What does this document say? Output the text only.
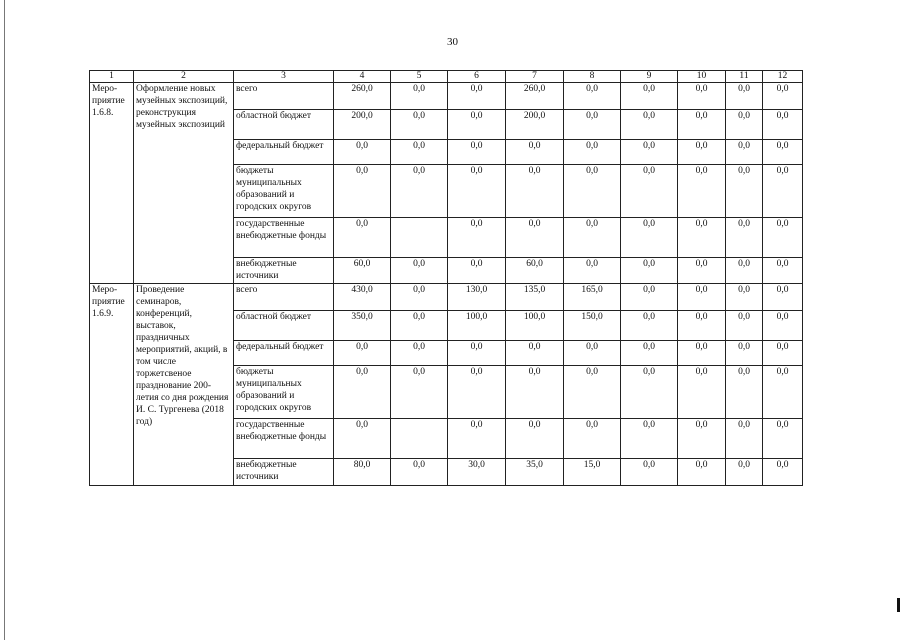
30
1	2	3	4	5	6	7	8	9	10	11	12
Меро-
приятие
1.6.8.	Оформление новых музейных экспозиций, реконструкция музейных экспозиций	всего	260,0	0,0	0,0	260,0	0,0	0,0	0,0	0,0	0,0
		областной бюджет	200,0	0,0	0,0	200,0	0,0	0,0	0,0	0,0	0,0
		федеральный бюджет	0,0	0,0	0,0	0,0	0,0	0,0	0,0	0,0	0,0
		бюджеты муниципальных образований и городских округов	0,0	0,0	0,0	0,0	0,0	0,0	0,0	0,0	0,0
		государственные внебюджетные фонды	0,0		0,0	0,0	0,0	0,0	0,0	0,0	0,0
		внебюджетные источники	60,0	0,0	0,0	60,0	0,0	0,0	0,0	0,0	0,0
Меро-
приятие
1.6.9.	Проведение семинаров, конференций, выставок, праздничных мероприятий, акций, в том числе торжетсвеное празднование 200-летия со дня рождения И. С. Тургенева (2018 год)	всего	430,0	0,0	130,0	135,0	165,0	0,0	0,0	0,0	0,0
		областной бюджет	350,0	0,0	100,0	100,0	150,0	0,0	0,0	0,0	0,0
		федеральный бюджет	0,0	0,0	0,0	0,0	0,0	0,0	0,0	0,0	0,0
		бюджеты муниципальных образований и городских округов	0,0	0,0	0,0	0,0	0,0	0,0	0,0	0,0	0,0
		государственные внебюджетные фонды	0,0		0,0	0,0	0,0	0,0	0,0	0,0	0,0
		внебюджетные источники	80,0	0,0	30,0	35,0	15,0	0,0	0,0	0,0	0,0
